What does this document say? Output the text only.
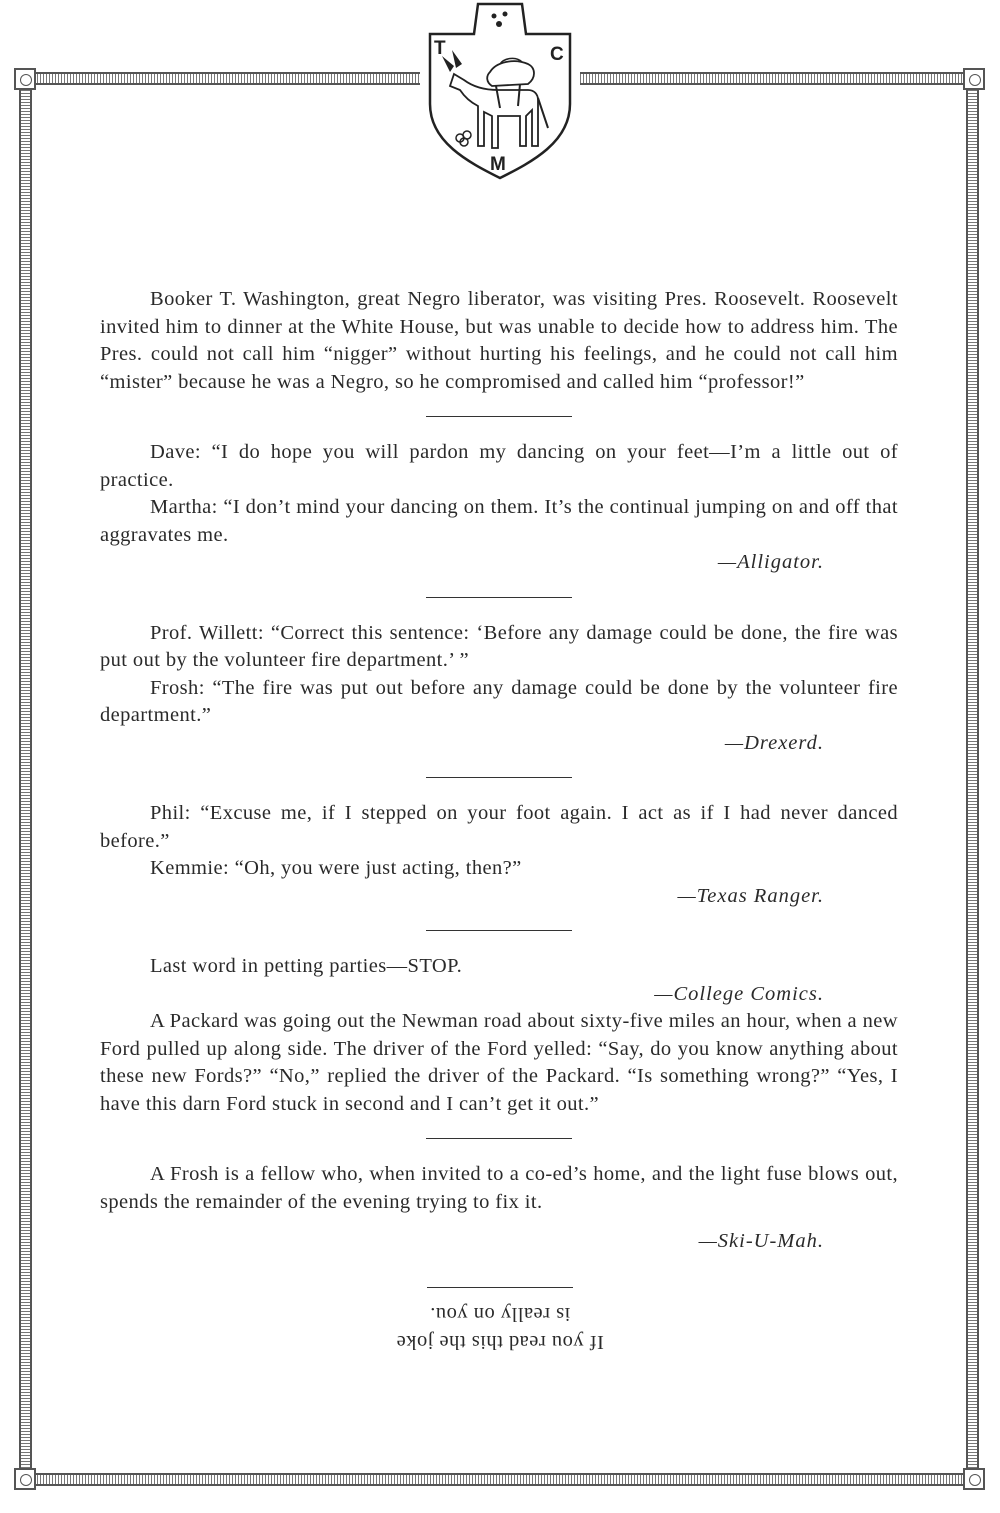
T	C
M

Booker T. Washington, great Negro liberator, was visiting Pres. Roosevelt. Roosevelt invited him to dinner at the White House, but was unable to decide how to address him. The Pres. could not call him “nigger” without hurting his feelings, and he could not call him “mister” because he was a Negro, so he compromised and called him “professor!”

Dave: “I do hope you will pardon my dancing on your feet—I’m a little out of practice.

Martha: “I don’t mind your dancing on them. It’s the continual jumping on and off that aggravates me.

—Alligator.

Prof. Willett: “Correct this sentence: ‘Before any damage could be done, the fire was put out by the volunteer fire department.’ ”

Frosh: “The fire was put out before any damage could be done by the volunteer fire department.”

—Drexerd.

Phil: “Excuse me, if I stepped on your foot again. I act as if I had never danced before.”

Kemmie: “Oh, you were just acting, then?”

—Texas Ranger.

Last word in petting parties—STOP.

—College Comics.

A Packard was going out the Newman road about sixty-five miles an hour, when a new Ford pulled up along side. The driver of the Ford yelled: “Say, do you know anything about these new Fords?” “No,” replied the driver of the Packard. “Is something wrong?” “Yes, I have this darn Ford stuck in second and I can’t get it out.”

A Frosh is a fellow who, when invited to a co-ed’s home, and the light fuse blows out, spends the remainder of the evening trying to fix it.

—Ski-U-Mah.
If you read this the joke
is really on you.
